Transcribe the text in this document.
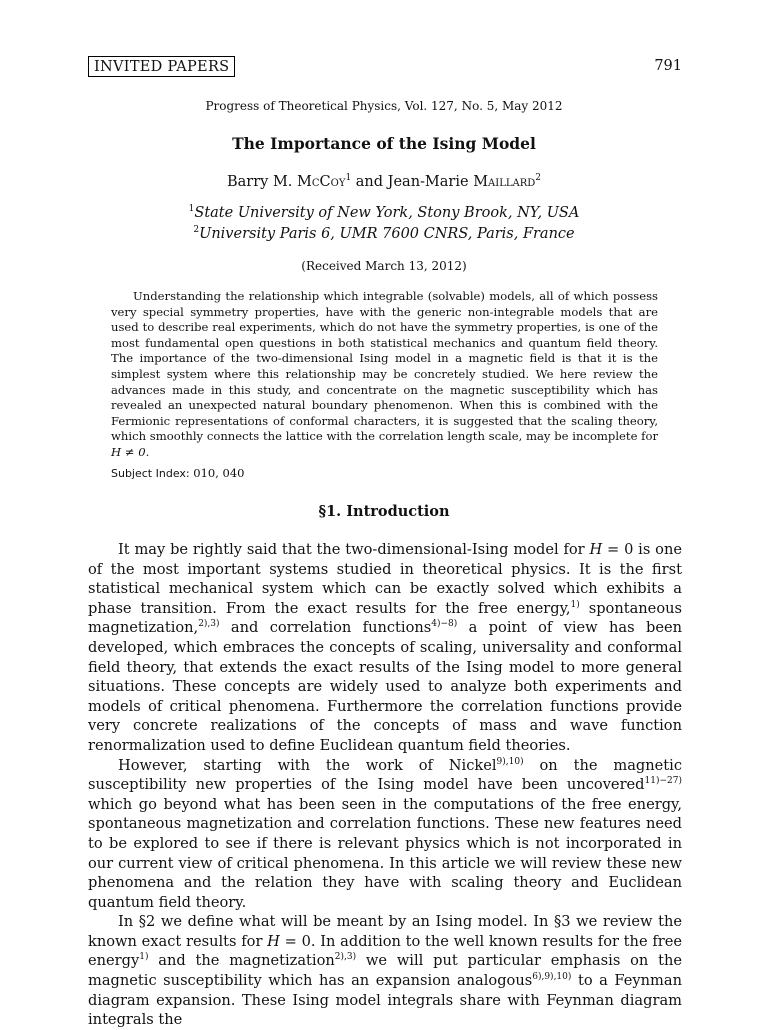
INVITED PAPERS	791
Progress of Theoretical Physics, Vol. 127, No. 5, May 2012
The Importance of the Ising Model
Barry M. McCoy$^1$ and Jean-Marie Maillard$^2$
$^1$State University of New York, Stony Brook, NY, USA
$^2$University Paris 6, UMR 7600 CNRS, Paris, France
(Received March 13, 2012)

Understanding the relationship which integrable (solvable) models, all of which possess very special symmetry properties, have with the generic non-integrable models that are used to describe real experiments, which do not have the symmetry properties, is one of the most fundamental open questions in both statistical mechanics and quantum field theory. The importance of the two-dimensional Ising model in a magnetic field is that it is the simplest system where this relationship may be concretely studied. We here review the advances made in this study, and concentrate on the magnetic susceptibility which has revealed an unexpected natural boundary phenomenon. When this is combined with the Fermionic representations of conformal characters, it is suggested that the scaling theory, which smoothly connects the lattice with the correlation length scale, may be incomplete for H ≠ 0.

Subject Index: 010, 040
§1. Introduction

It may be rightly said that the two-dimensional-Ising model for H = 0 is one of the most important systems studied in theoretical physics. It is the first statistical mechanical system which can be exactly solved which exhibits a phase transition. From the exact results for the free energy,$^{1)}$ spontaneous magnetization,$^{2),3)}$ and correlation functions$^{4)-8)}$ a point of view has been developed, which embraces the concepts of scaling, universality and conformal field theory, that extends the exact results of the Ising model to more general situations. These concepts are widely used to analyze both experiments and models of critical phenomena. Furthermore the correlation functions provide very concrete realizations of the concepts of mass and wave function renormalization used to define Euclidean quantum field theories.

However, starting with the work of Nickel$^{9),10)}$ on the magnetic susceptibility new properties of the Ising model have been uncovered$^{11)-27)}$ which go beyond what has been seen in the computations of the free energy, spontaneous magnetization and correlation functions. These new features need to be explored to see if there is relevant physics which is not incorporated in our current view of critical phenomena. In this article we will review these new phenomena and the relation they have with scaling theory and Euclidean quantum field theory.

In §2 we define what will be meant by an Ising model. In §3 we review the known exact results for H = 0. In addition to the well known results for the free energy$^{1)}$ and the magnetization$^{2),3)}$ we will put particular emphasis on the magnetic susceptibility which has an expansion analogous$^{6),9),10)}$ to a Feynman diagram expansion. These Ising model integrals share with Feynman diagram integrals the
